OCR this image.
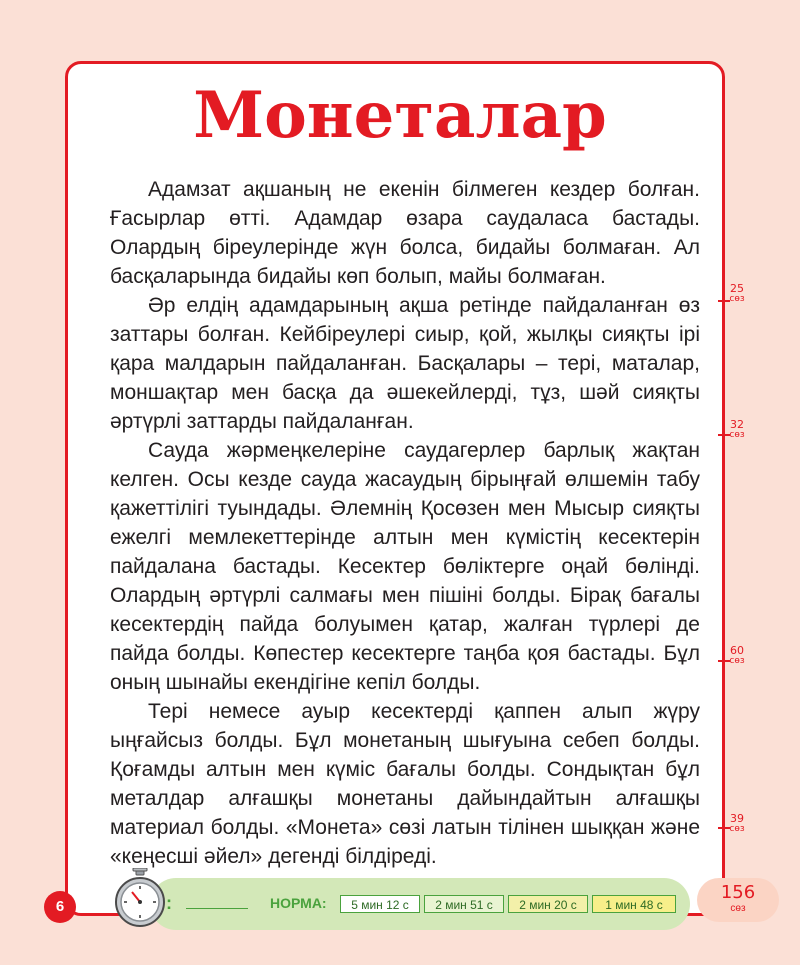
Монеталар

Адамзат ақшаның не екенін білмеген кездер болған. Ғасырлар өтті. Адамдар өзара саудаласа бастады. Олардың біреулерінде жүн болса, бидайы болмаған. Ал басқаларында бидайы көп болып, майы болмаған.

Әр елдің адамдарының ақша ретінде пайдаланған өз заттары болған. Кейбіреулері сиыр, қой, жылқы сияқты ірі қара малдарын пайдаланған. Басқалары – тері, маталар, моншақтар мен басқа да әшекейлерді, тұз, шәй сияқты әртүрлі заттарды пайдаланған.

Сауда жәрмеңкелеріне саудагерлер барлық жақтан келген. Осы кезде сауда жасаудың бірыңғай өлшемін табу қажеттілігі туындады. Әлемнің Қосөзен мен Мысыр сияқты ежелгі мемлекеттерінде алтын мен күмістің кесектерін пайдалана бастады. Кесектер бөліктерге оңай бөлінді. Олардың әртүрлі салмағы мен пішіні болды. Бірақ бағалы кесектердің пайда болуымен қатар, жалған түрлері де пайда болды. Көпестер кесектерге таңба қоя бастады. Бұл оның шынайы екендігіне кепіл болды.

Тері немесе ауыр кесектерді қаппен алып жүру ыңғайсыз болды. Бұл монетаның шығуына себеп болды. Қоғамды алтын мен күміс бағалы болды. Сондықтан бұл металдар алғашқы монетаны дайындайтын алғашқы материал болды. «Монета» сөзі латын тілінен шыққан және «кеңесші әйел» дегенді білдіреді.

25
сөз
32
сөз
60
сөз
39
сөз
6	:	НОРМА:	5 мин 12 с	2 мин 51 с	2 мин 20 с	1 мин 48 с
156
сөз
